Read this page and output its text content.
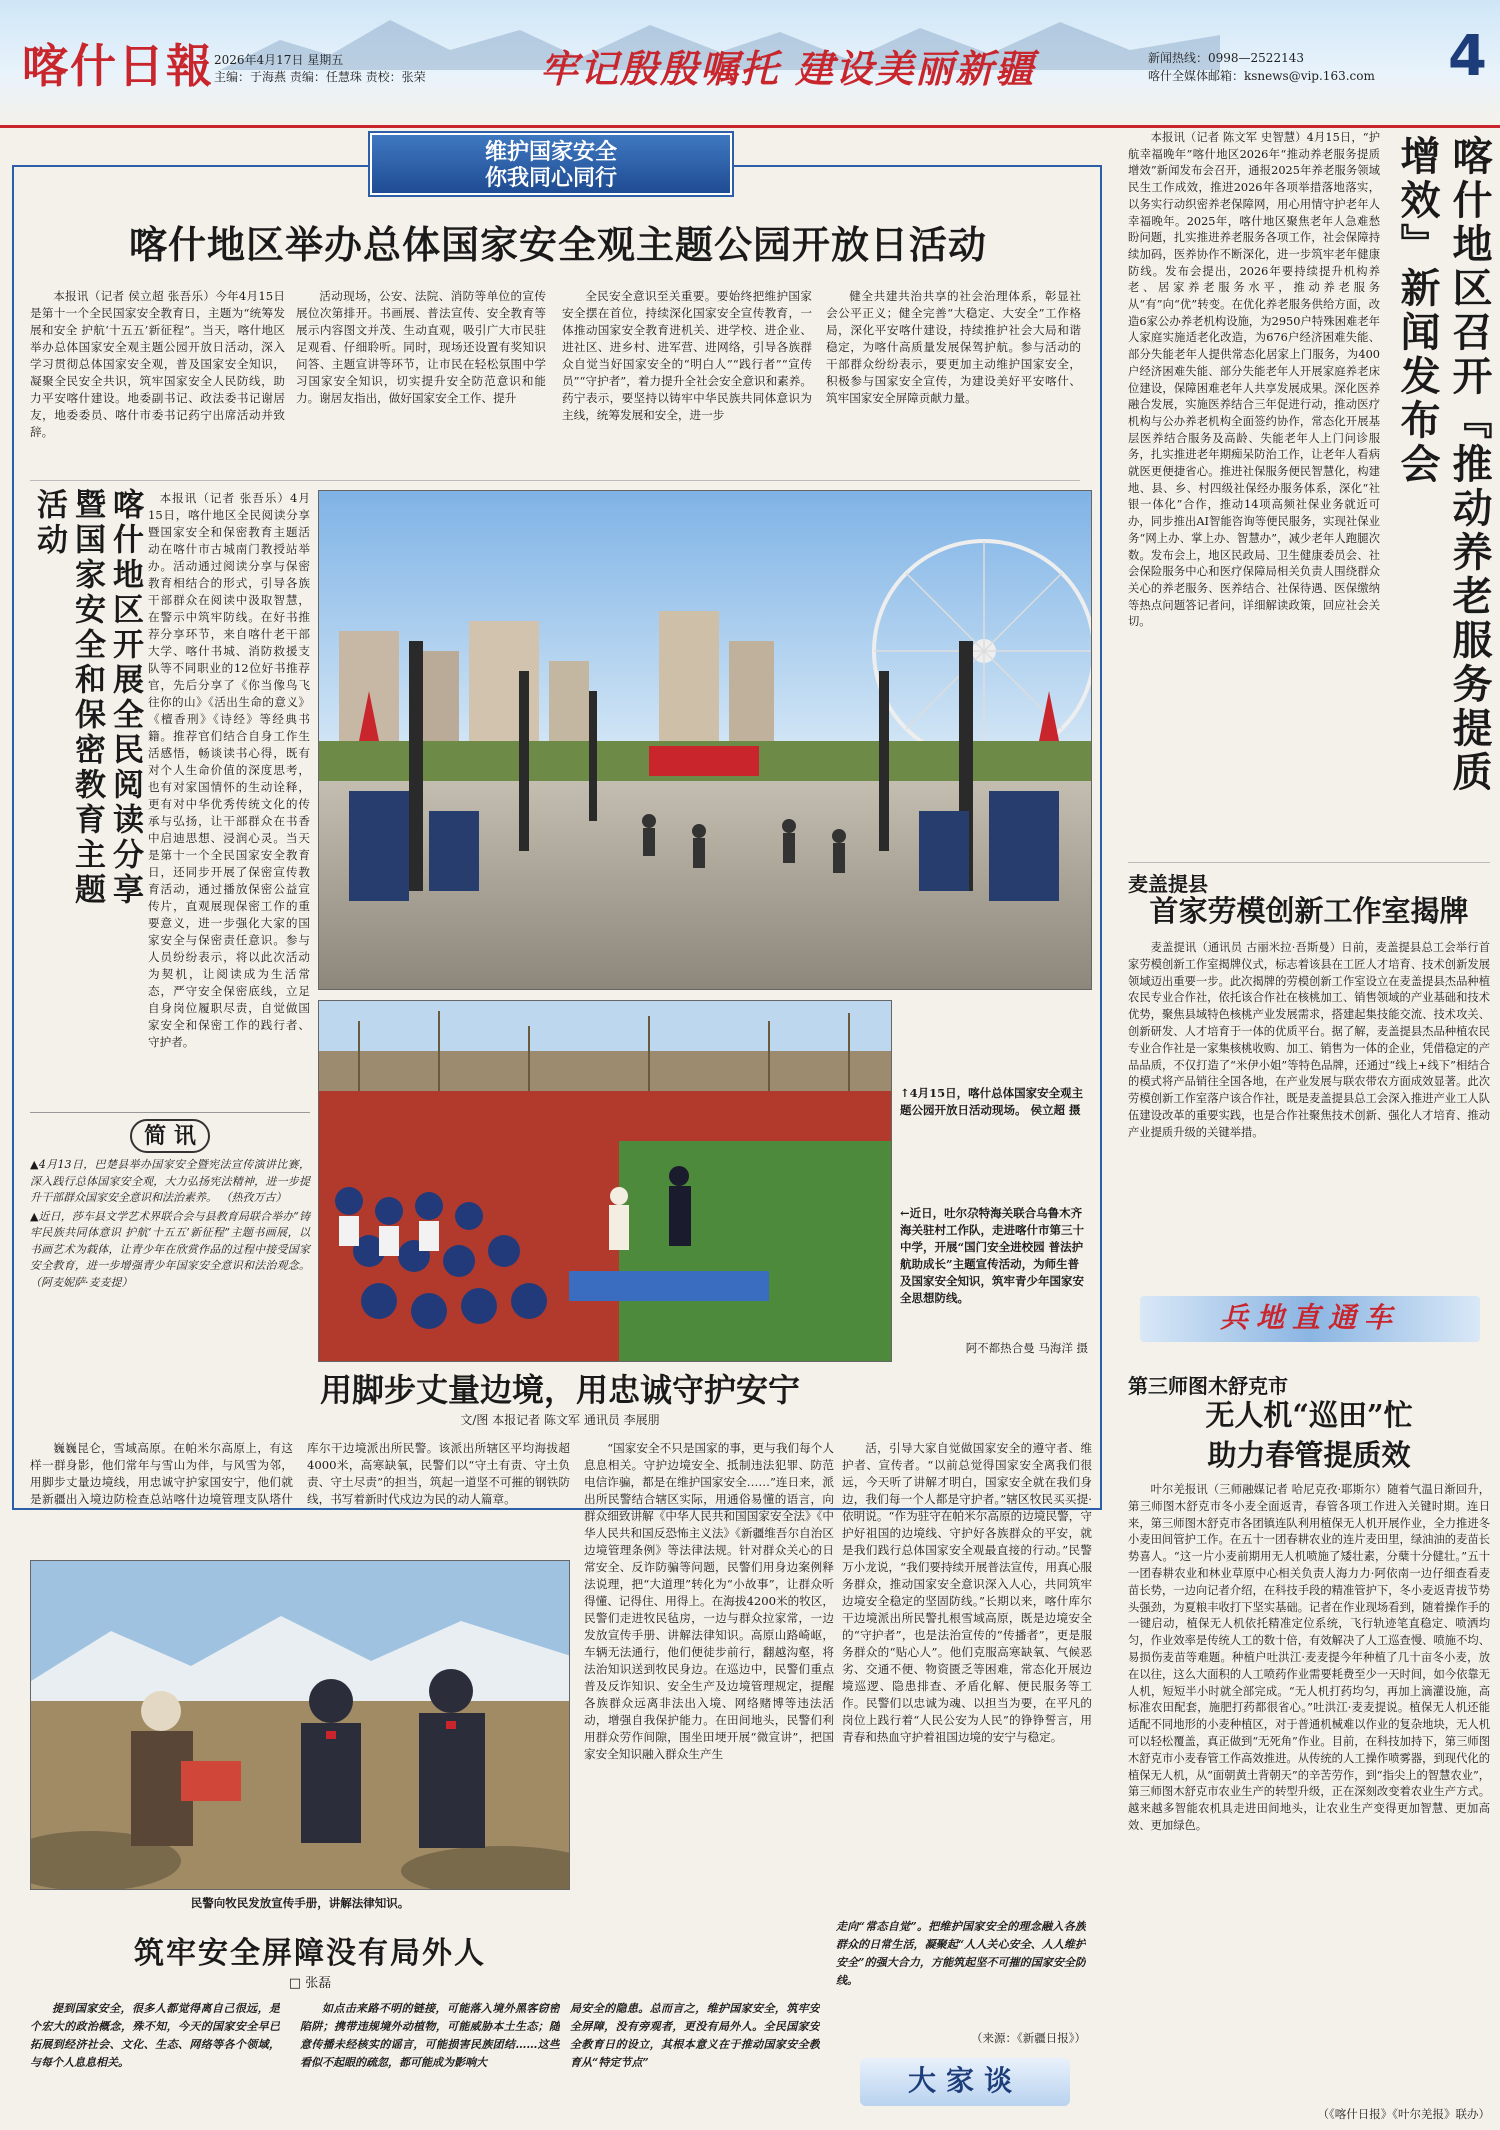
喀什日報 2026年4月17日 星期五
主编：于海燕 责编：任慧珠 责校：张荣	牢记殷殷嘱托 建设美丽新疆	新闻热线：0998—2522143
喀什全媒体邮箱：ksnews@vip.163.com 4
维护国家安全
你我同心同行
喀什地区举办总体国家安全观主题公园开放日活动
本报讯（记者 侯立超 张吾乐）今年4月15日是第十一个全民国家安全教育日，主题为“统筹发展和安全 护航‘十五五’新征程”。当天，喀什地区举办总体国家安全观主题公园开放日活动，深入学习贯彻总体国家安全观，普及国家安全知识，凝聚全民安全共识，筑牢国家安全人民防线，助力平安喀什建设。地委副书记、政法委书记谢居友，地委委员、喀什市委书记药宁出席活动并致辞。
活动现场，公安、法院、消防等单位的宣传展位次第排开。书画展、普法宣传、安全教育等展示内容图文并茂、生动直观，吸引广大市民驻足观看、仔细聆听。同时，现场还设置有奖知识问答、主题宣讲等环节，让市民在轻松氛围中学习国家安全知识，切实提升安全防范意识和能力。谢居友指出，做好国家安全工作、提升
全民安全意识至关重要。要始终把维护国家安全摆在首位，持续深化国家安全宣传教育，一体推动国家安全教育进机关、进学校、进企业、进社区、进乡村、进军营、进网络，引导各族群众自觉当好国家安全的“明白人”“践行者”“宣传员”“守护者”，着力提升全社会安全意识和素养。药宁表示，要坚持以铸牢中华民族共同体意识为主线，统筹发展和安全，进一步
健全共建共治共享的社会治理体系，彰显社会公平正义；健全完善“大稳定、大安全”工作格局，深化平安喀什建设，持续推护社会大局和谐稳定，为喀什高质量发展保驾护航。参与活动的干部群众纷纷表示，要更加主动维护国家安全，积极参与国家安全宣传，为建设美好平安喀什、筑牢国家安全屏障贡献力量。
喀什地区开展全民阅读分享暨国家安全和保密教育主题活动	本报讯（记者 张吾乐）4月15日，喀什地区全民阅读分享暨国家安全和保密教育主题活动在喀什市古城南门教授站举办。活动通过阅读分享与保密教育相结合的形式，引导各族干部群众在阅读中汲取智慧，在警示中筑牢防线。在好书推荐分享环节，来自喀什老干部大学、喀什书城、消防救援支队等不同职业的12位好书推荐官，先后分享了《你当像鸟飞往你的山》《活出生命的意义》《檀香刑》《诗经》等经典书籍。推荐官们结合自身工作生活感悟，畅谈读书心得，既有对个人生命价值的深度思考，也有对家国情怀的生动诠释，更有对中华优秀传统文化的传承与弘扬，让干部群众在书香中启迪思想、浸润心灵。当天是第十一个全民国家安全教育日，还同步开展了保密宣传教育活动，通过播放保密公益宣传片，直观展现保密工作的重要意义，进一步强化大家的国家安全与保密责任意识。参与人员纷纷表示，将以此次活动为契机，让阅读成为生活常态，严守安全保密底线，立足自身岗位履职尽责，自觉做国家安全和保密工作的践行者、守护者。
简 讯
▲4月13日，巴楚县举办国家安全暨宪法宣传演讲比赛，深入践行总体国家安全观，大力弘扬宪法精神，进一步提升干部群众国家安全意识和法治素养。 （热孜万古）
▲近日，莎车县文学艺术界联合会与县教育局联合举办“铸牢民族共同体意识 护航‘十五五’新征程”主题书画展，以书画艺术为载体，让青少年在欣赏作品的过程中接受国家安全教育，进一步增强青少年国家安全意识和法治观念。 （阿麦妮萨·麦麦提）
↑4月15日，喀什总体国家安全观主题公园开放日活动现场。 侯立超 摄
←近日，吐尔尕特海关联合乌鲁木齐海关驻村工作队，走进喀什市第三十中学，开展“国门安全进校园 普法护航助成长”主题宣传活动，为师生普及国家安全知识，筑牢青少年国家安全思想防线。
阿不都热合曼 马海洋 摄
用脚步丈量边境，用忠诚守护安宁
文/图 本报记者 陈文军 通讯员 李展朋
巍巍昆仑，雪域高原。在帕米尔高原上，有这样一群身影，他们常年与雪山为伴，与风雪为邻，用脚步丈量边境线，用忠诚守护家国安宁，他们就是新疆出入境边防检查总站喀什边境管理支队塔什库尔干边境派出所民警。该派出所辖区平均海拔超4000米，高寒缺氧，民警们以“守土有责、守土负责、守土尽责”的担当，筑起一道坚不可摧的钢铁防线，书写着新时代戍边为民的动人篇章。
“国家安全不只是国家的事，更与我们每个人息息相关。守护边境安全、抵制违法犯罪、防范电信诈骗，都是在维护国家安全……”连日来，派出所民警结合辖区实际，用通俗易懂的语言，向群众细致讲解《中华人民共和国国家安全法》《中华人民共和国反恐怖主义法》《新疆维吾尔自治区边境管理条例》等法律法规。针对群众关心的日常安全、反诈防骗等问题，民警们用身边案例释法说理，把“大道理”转化为“小故事”，让群众听得懂、记得住、用得上。在海拔4200米的牧区，民警们走进牧民毡房，一边与群众拉家常，一边发放宣传手册、讲解法律知识。高原山路崎岖，车辆无法通行，他们便徒步前行，翻越沟壑，将法治知识送到牧民身边。在巡边中，民警们重点普及反诈知识、安全生产及边境管理规定，提醒各族群众远离非法出入境、网络赌博等违法活动，增强自我保护能力。在田间地头，民警们利用群众劳作间隙，围坐田埂开展“微宣讲”，把国家安全知识融入群众生产生
活，引导大家自觉做国家安全的遵守者、维护者、宣传者。“以前总觉得国家安全离我们很远，今天听了讲解才明白，国家安全就在我们身边，我们每一个人都是守护者。”辖区牧民买买提·依明说。“作为驻守在帕米尔高原的边境民警，守护好祖国的边境线、守护好各族群众的平安，就是我们践行总体国家安全观最直接的行动。”民警万小龙说，“我们要持续开展普法宣传，用真心服务群众，推动国家安全意识深入人心，共同筑牢边境安全稳定的坚固防线。”长期以来，喀什库尔干边境派出所民警扎根雪域高原，既是边境安全的“守护者”，也是法治宣传的“传播者”，更是服务群众的“贴心人”。他们克服高寒缺氧、气候恶劣、交通不便、物资匮乏等困难，常态化开展边境巡逻、隐患排查、矛盾化解、便民服务等工作。民警们以忠诚为魂、以担当为要，在平凡的岗位上践行着“人民公安为人民”的铮铮誓言，用青春和热血守护着祖国边境的安宁与稳定。
民警向牧民发放宣传手册，讲解法律知识。
筑牢安全屏障没有局外人
□ 张磊
提到国家安全，很多人都觉得离自己很远，是个宏大的政治概念，殊不知，今天的国家安全早已拓展到经济社会、文化、生态、网络等各个领域，与每个人息息相关。
如点击来路不明的链接，可能落入境外黑客窃密陷阱；携带违规境外动植物，可能威胁本土生态；随意传播未经核实的谣言，可能损害民族团结……这些看似不起眼的疏忽，都可能成为影响大
局安全的隐患。总而言之，维护国家安全，筑牢安全屏障，没有旁观者，更没有局外人。全民国家安全教育日的设立，其根本意义在于推动国家安全教育从“特定节点”
走向“常态自觉”。把维护国家安全的理念融入各族群众的日常生活，凝聚起“人人关心安全、人人维护安全”的强大合力，方能筑起坚不可摧的国家安全防线。
（来源：《新疆日报》）
大家谈
本报讯（记者 陈文军 史智慧）4月15日，“护航幸福晚年”喀什地区2026年“推动养老服务提质增效”新闻发布会召开，通报2025年养老服务领域民生工作成效，推进2026年各项举措落地落实，以务实行动织密养老保障网，用心用情守护老年人幸福晚年。2025年，喀什地区聚焦老年人急难愁盼问题，扎实推进养老服务各项工作，社会保障持续加码，医养协作不断深化，进一步筑牢老年健康防线。发布会提出，2026年要持续提升机构养老、居家养老服务水平，推动养老服务从“有”向“优”转变。在优化养老服务供给方面，改造6家公办养老机构设施，为2950户特殊困难老年人家庭实施适老化改造，为676户经济困难失能、部分失能老年人提供常态化居家上门服务，为400户经济困难失能、部分失能老年人开展家庭养老床位建设，保障困难老年人共享发展成果。深化医养融合发展，实施医养结合三年促进行动，推动医疗机构与公办养老机构全面签约协作，常态化开展基层医养结合服务及高龄、失能老年人上门问诊服务，扎实推进老年期痴呆防治工作，让老年人看病就医更便捷省心。推进社保服务便民智慧化，构建地、县、乡、村四级社保经办服务体系，深化“社银一体化”合作，推动14项高频社保业务就近可办，同步推出AI智能咨询等便民服务，实现社保业务“网上办、掌上办、智慧办”，减少老年人跑腿次数。发布会上，地区民政局、卫生健康委员会、社会保险服务中心和医疗保障局相关负责人围绕群众关心的养老服务、医养结合、社保待遇、医保缴纳等热点问题答记者问，详细解读政策，回应社会关切。	喀什地区召开『推动养老服务提质增效』新闻发布会
麦盖提县
首家劳模创新工作室揭牌
麦盖提讯（通讯员 古丽米拉·吾斯曼）日前，麦盖提县总工会举行首家劳模创新工作室揭牌仪式，标志着该县在工匠人才培育、技术创新发展领域迈出重要一步。此次揭牌的劳模创新工作室设立在麦盖提县杰品种植农民专业合作社，依托该合作社在核桃加工、销售领域的产业基础和技术优势，聚焦县域特色核桃产业发展需求，搭建起集技能交流、技术攻关、创新研发、人才培育于一体的优质平台。据了解，麦盖提县杰品种植农民专业合作社是一家集核桃收购、加工、销售为一体的企业，凭借稳定的产品品质，不仅打造了“米伊小姐”等特色品牌，还通过“线上+线下”相结合的模式将产品销往全国各地，在产业发展与联农带农方面成效显著。此次劳模创新工作室落户该合作社，既是麦盖提县总工会深入推进产业工人队伍建设改革的重要实践，也是合作社聚焦技术创新、强化人才培育、推动产业提质升级的关键举措。
兵地直通车
第三师图木舒克市
无人机“巡田”忙
助力春管提质效
叶尔羌报讯（三师融媒记者 哈尼克孜·耶斯尔）随着气温日渐回升，第三师图木舒克市冬小麦全面返青，春管各项工作进入关键时期。连日来，第三师图木舒克市各团镇连队利用植保无人机开展作业，全力推进冬小麦田间管护工作。在五十一团春耕农业的连片麦田里，绿油油的麦苗长势喜人。“这一片小麦前期用无人机喷施了矮壮素，分蘖十分健壮。”五十一团春耕农业和林业草原中心相关负责人海力力·阿依南一边仔细查看麦苗长势，一边向记者介绍，在科技手段的精准管护下，冬小麦返青拔节势头强劲，为夏粮丰收打下坚实基础。记者在作业现场看到，随着操作手的一键启动，植保无人机依托精准定位系统，飞行轨迹笔直稳定、喷洒均匀，作业效率是传统人工的数十倍，有效解决了人工巡查慢、喷施不均、易损伤麦苗等难题。种植户吐洪江·麦麦提今年种植了几十亩冬小麦，放在以往，这么大面积的人工喷药作业需要耗费至少一天时间，如今依靠无人机，短短半小时就全部完成。“无人机打药均匀，再加上滴灌设施，高标准农田配套，施肥打药都很省心。”吐洪江·麦麦提说。植保无人机还能适配不同地形的小麦种植区，对于普通机械难以作业的复杂地块，无人机可以轻松覆盖，真正做到“无死角”作业。目前，在科技加持下，第三师图木舒克市小麦春管工作高效推进。从传统的人工操作喷雾器，到现代化的植保无人机，从“面朝黄土背朝天”的辛苦劳作，到“指尖上的智慧农业”，第三师图木舒克市农业生产的转型升级，正在深刻改变着农业生产方式。越来越多智能农机具走进田间地头，让农业生产变得更加智慧、更加高效、更加绿色。
（《喀什日报》《叶尔羌报》联办）
